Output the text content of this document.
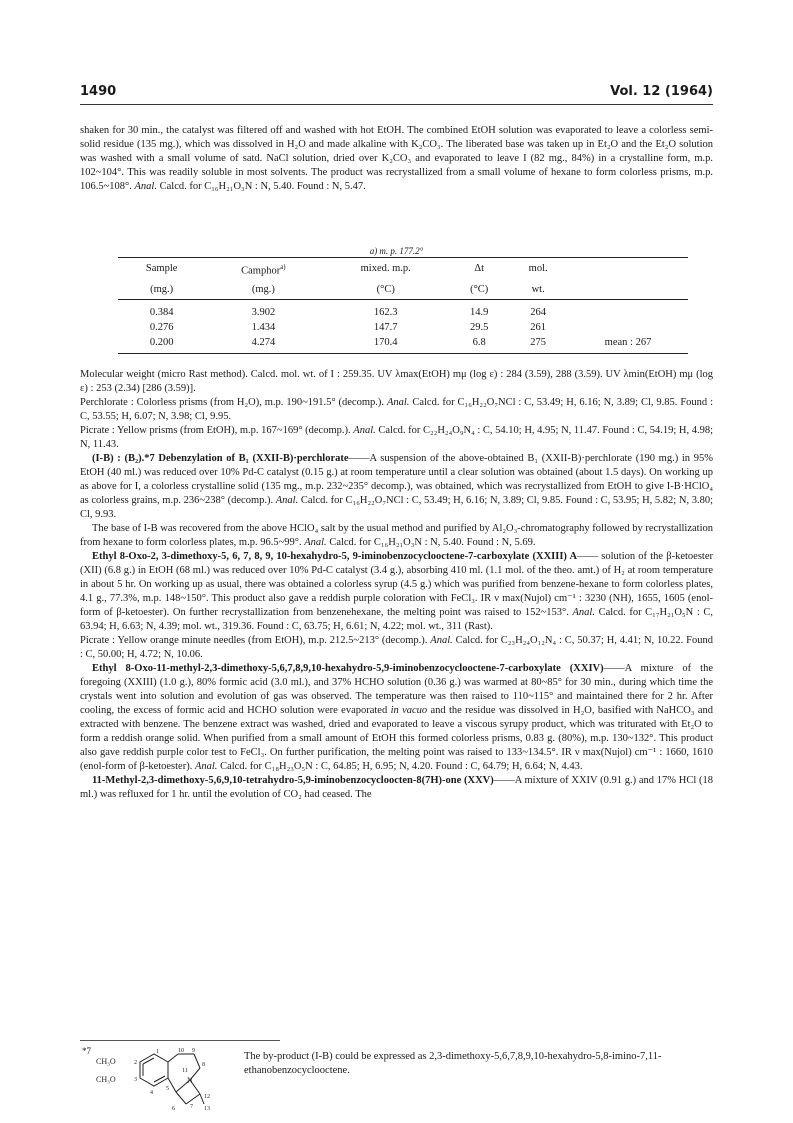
1490	Vol. 12 (1964)

shaken for 30 min., the catalyst was filtered off and washed with hot EtOH. The combined EtOH solution was evaporated to leave a colorless semi-solid residue (135 mg.), which was dissolved in H₂O and made alkaline with K₂CO₃. The liberated base was taken up in Et₂O and the Et₂O solution was washed with a small volume of satd. NaCl solution, dried over K₂CO₃ and evaporated to leave I (82 mg., 84%) in a crystalline form, m.p. 102~104°. This was readily soluble in most solvents. The product was recrystallized from a small volume of hexane to form colorless prisms, m.p. 106.5~108°. Anal. Calcd. for C₁₆H₂₁O₃N : N, 5.40. Found : N, 5.47.

a) m. p. 177.2°
Sample	Camphor$^{a)}$	mixed. m.p.	Δt	mol.	
(mg.)	(mg.)	(°C)	(°C)	wt.	
0.384	3.902	162.3	14.9	264	
0.276	1.434	147.7	29.5	261	
0.200	4.274	170.4	6.8	275	mean : 267

Molecular weight (micro Rast method). Calcd. mol. wt. of I : 259.35. UV λmax(EtOH) mμ (log ε) : 284 (3.59), 288 (3.59). UV λmin(EtOH) mμ (log ε) : 253 (2.34) [286 (3.59)].

Perchlorate : Colorless prisms (from H₂O), m.p. 190~191.5° (decomp.). Anal. Calcd. for C₁₆H₂₂O₇NCl : C, 53.49; H, 6.16; N, 3.89; Cl, 9.85. Found : C, 53.55; H, 6.07; N, 3.98; Cl, 9.95.

Picrate : Yellow prisms (from EtOH), m.p. 167~169° (decomp.). Anal. Calcd. for C₂₂H₂₄O₉N₄ : C, 54.10; H, 4.95; N, 11.47. Found : C, 54.19; H, 4.98; N, 11.43.

(I-B) : (B₂).*7 Debenzylation of B₁ (XXII-B)·perchlorate——A suspension of the above-obtained B₁ (XXII-B)·perchlorate (190 mg.) in 95% EtOH (40 ml.) was reduced over 10% Pd-C catalyst (0.15 g.) at room temperature until a clear solution was obtained (about 1.5 days). On working up as above for I, a colorless crystalline solid (135 mg., m.p. 232~235° decomp.), was obtained, which was recrystallized from EtOH to give I-B·HClO₄ as colorless grains, m.p. 236~238° (decomp.). Anal. Calcd. for C₁₆H₂₂O₇NCl : C, 53.49; H, 6.16; N, 3.89; Cl, 9.85. Found : C, 53.95; H, 5.82; N, 3.80; Cl, 9.93.

The base of I-B was recovered from the above HClO₄ salt by the usual method and purified by Al₂O₃-chromatography followed by recrystallization from hexane to form colorless plates, m.p. 96.5~99°. Anal. Calcd. for C₁₆H₂₁O₃N : N, 5.40. Found : N, 5.69.

Ethyl 8-Oxo-2, 3-dimethoxy-5, 6, 7, 8, 9, 10-hexahydro-5, 9-iminobenzocyclooctene-7-carboxylate (XXIII) A—— solution of the β-ketoester (XII) (6.8 g.) in EtOH (68 ml.) was reduced over 10% Pd-C catalyst (3.4 g.), absorbing 410 ml. (1.1 mol. of the theo. amt.) of H₂ at room temperature in about 5 hr. On working up as usual, there was obtained a colorless syrup (4.5 g.) which was purified from benzene-hexane to form colorless plates, 4.1 g., 77.3%, m.p. 148~150°. This product also gave a reddish purple coloration with FeCl₃. IR ν max(Nujol) cm⁻¹ : 3230 (NH), 1655, 1605 (enol-form of β-ketoester). On further recrystallization from benzenehexane, the melting point was raised to 152~153°. Anal. Calcd. for C₁₇H₂₁O₅N : C, 63.94; H, 6.63; N, 4.39; mol. wt., 319.36. Found : C, 63.75; H, 6.61; N, 4.22; mol. wt., 311 (Rast).

Picrate : Yellow orange minute needles (from EtOH), m.p. 212.5~213° (decomp.). Anal. Calcd. for C₂₃H₂₄O₁₂N₄ : C, 50.37; H, 4.41; N, 10.22. Found : C, 50.00; H, 4.72; N, 10.06.

Ethyl 8-Oxo-11-methyl-2,3-dimethoxy-5,6,7,8,9,10-hexahydro-5,9-iminobenzocyclooctene-7-carboxylate (XXIV)——A mixture of the foregoing (XXIII) (1.0 g.), 80% formic acid (3.0 ml.), and 37% HCHO solution (0.36 g.) was warmed at 80~85° for 30 min., during which time the crystals went into solution and evolution of gas was observed. The temperature was then raised to 110~115° and maintained there for 2 hr. After cooling, the excess of formic acid and HCHO solution were evaporated in vacuo and the residue was dissolved in H₂O, basified with NaHCO₃ and extracted with benzene. The benzene extract was washed, dried and evaporated to leave a viscous syrupy product, which was triturated with Et₂O to form a reddish orange solid. When purified from a small amount of EtOH this formed colorless prisms, 0.83 g. (80%), m.p. 130~132°. This product also gave reddish purple color test to FeCl₃. On further purification, the melting point was raised to 133~134.5°. IR ν max(Nujol) cm⁻¹ : 1660, 1610 (enol-form of β-ketoester). Anal. Calcd. for C₁₈H₂₃O₅N : C, 64.85; H, 6.95; N, 4.20. Found : C, 64.79; H, 6.64; N, 4.43.

11-Methyl-2,3-dimethoxy-5,6,9,10-tetrahydro-5,9-iminobenzocycloocten-8(7H)-one (XXV)——A mixture of XXIV (0.91 g.) and 17% HCl (18 ml.) was refluxed for 1 hr. until the evolution of CO₂ had ceased. The

*7
CH₃O
CH₃O
1	10 9
8
11
N
12
13
7
6
5
4
3
2
The by-product (I-B) could be expressed as 2,3-dimethoxy-5,6,7,8,9,10-hexahydro-5,8-imino-7,11-ethanobenzocyclooctene.
